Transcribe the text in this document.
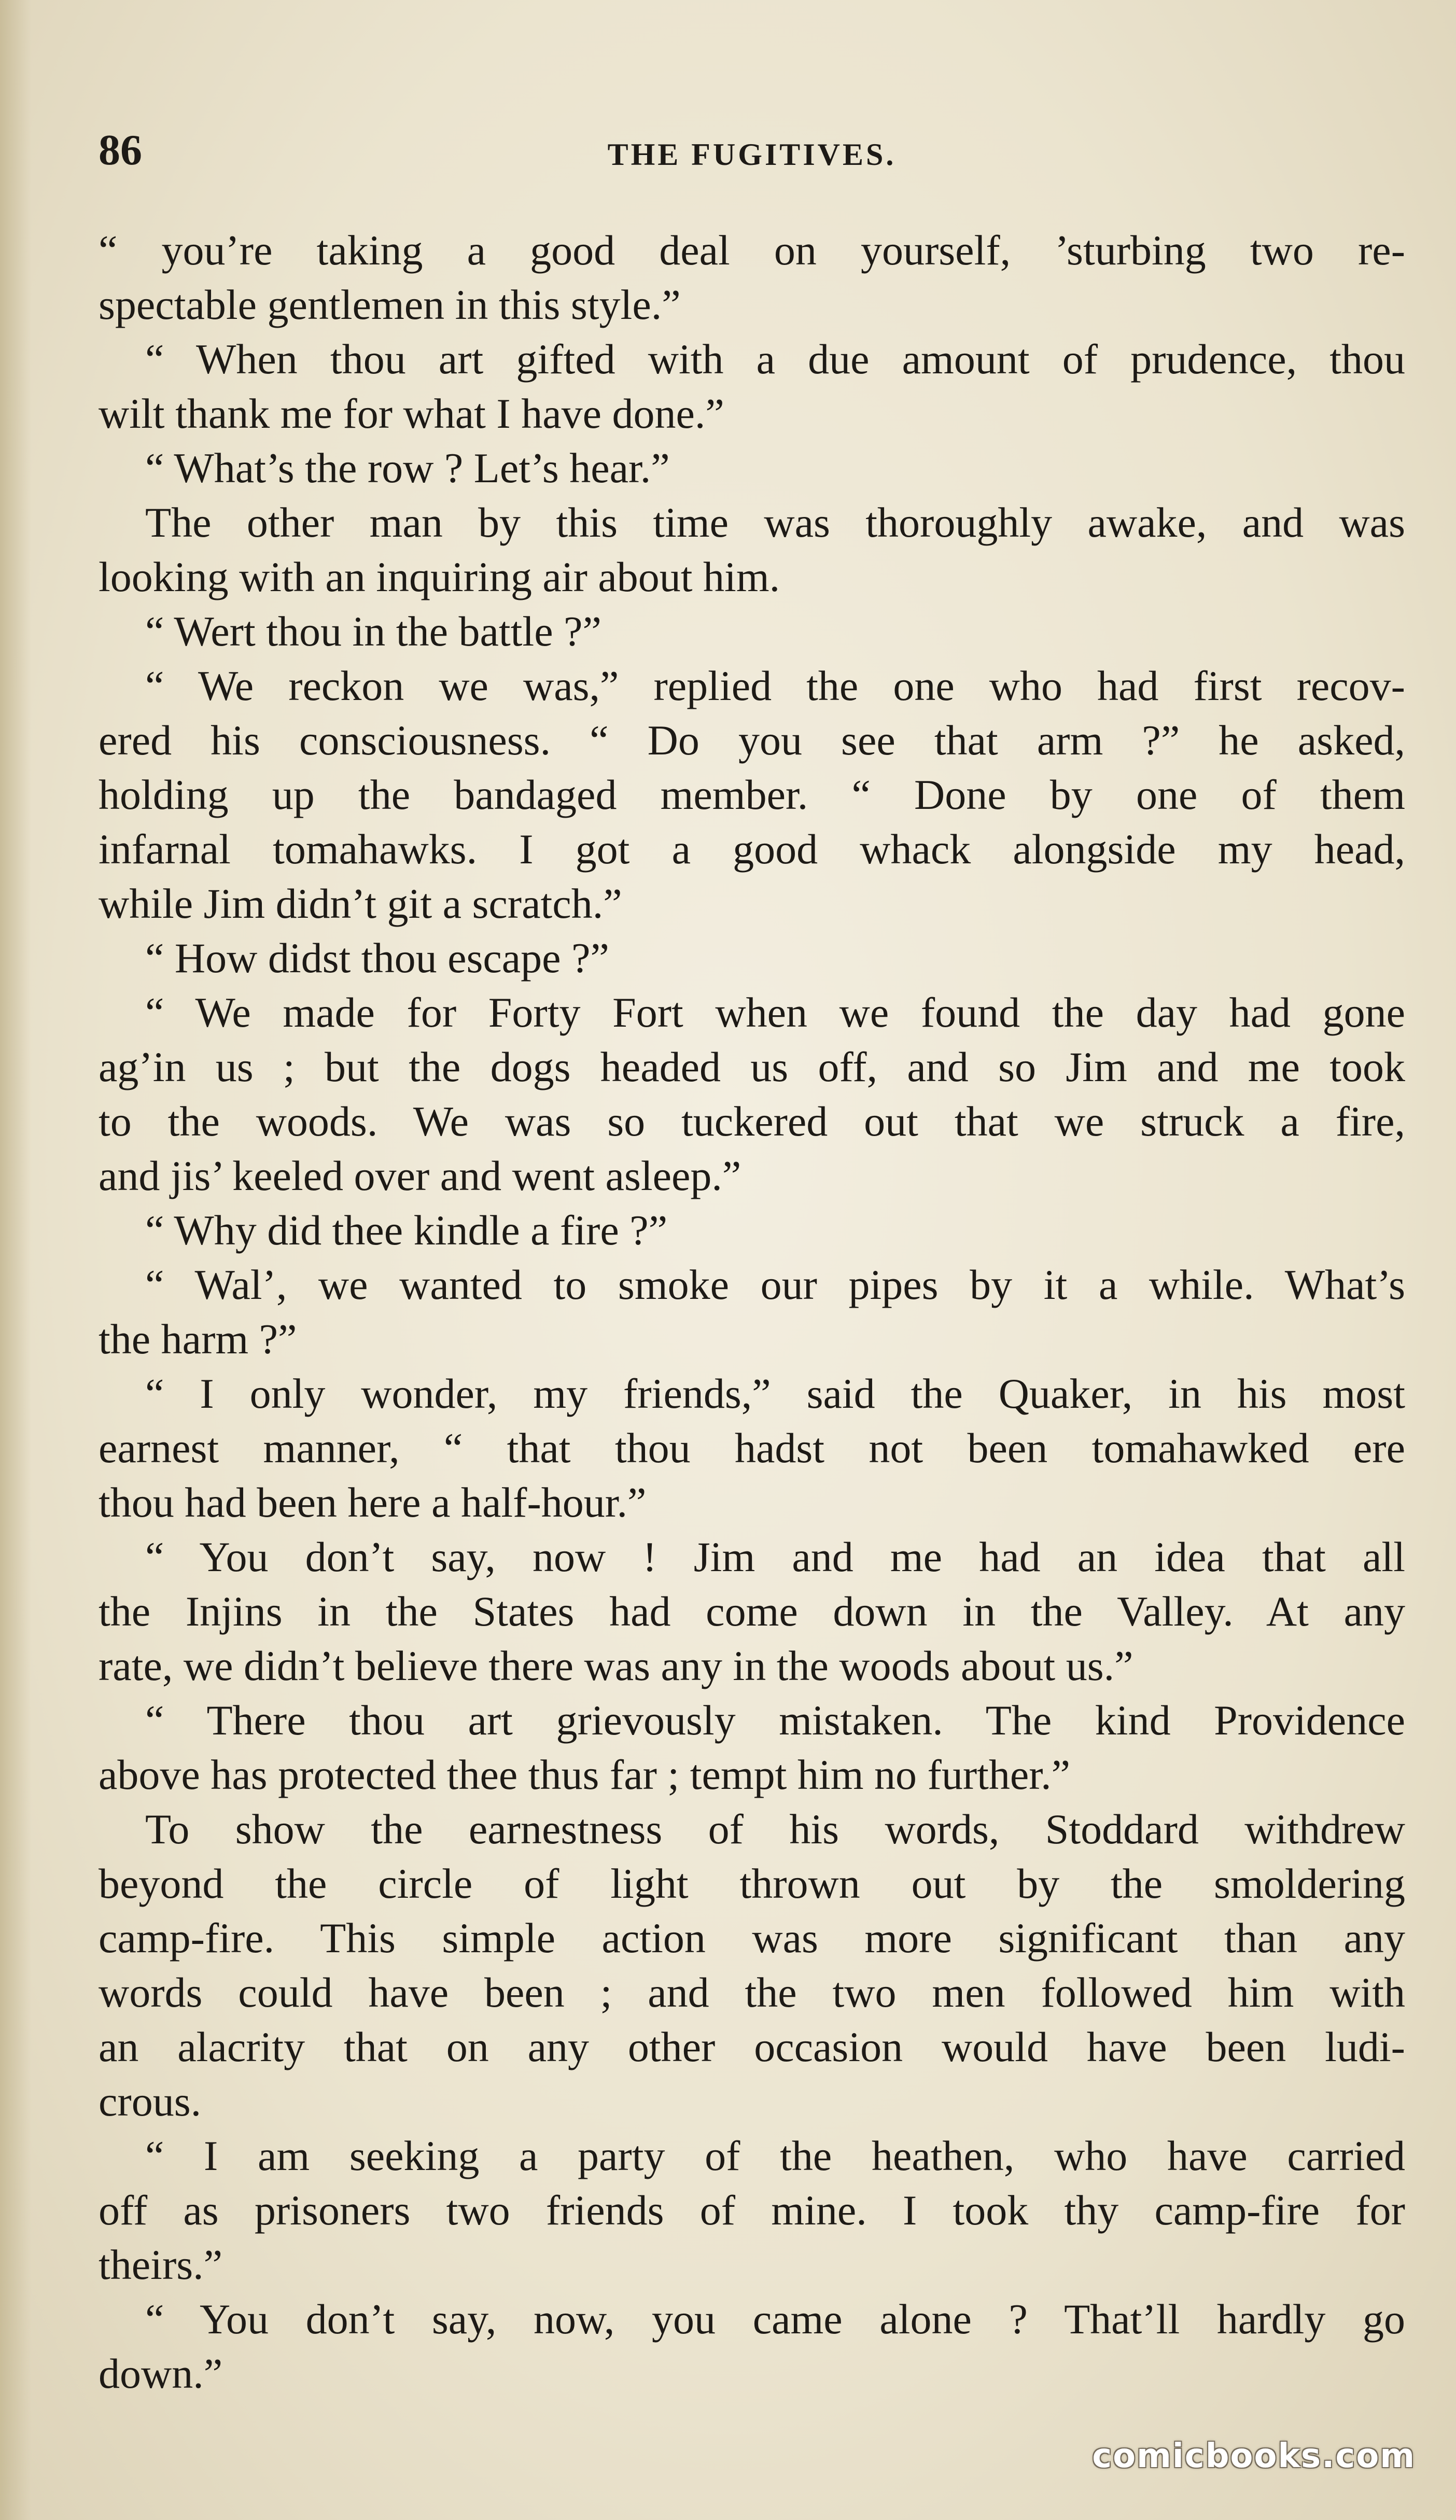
86	THE FUGITIVES.
“ you’re taking a good deal on yourself, ’sturbing two re-
spectable gentlemen in this style.”
“ When thou art gifted with a due amount of prudence, thou
wilt thank me for what I have done.”
“ What’s the row ? Let’s hear.”
The other man by this time was thoroughly awake, and was
looking with an inquiring air about him.
“ Wert thou in the battle ?”
“ We reckon we was,” replied the one who had first recov-
ered his consciousness. “ Do you see that arm ?” he asked,
holding up the bandaged member. “ Done by one of them
infarnal tomahawks. I got a good whack alongside my head,
while Jim didn’t git a scratch.”
“ How didst thou escape ?”
“ We made for Forty Fort when we found the day had gone
ag’in us ; but the dogs headed us off, and so Jim and me took
to the woods. We was so tuckered out that we struck a fire,
and jis’ keeled over and went asleep.”
“ Why did thee kindle a fire ?”
“ Wal’, we wanted to smoke our pipes by it a while. What’s
the harm ?”
“ I only wonder, my friends,” said the Quaker, in his most
earnest manner, “ that thou hadst not been tomahawked ere
thou had been here a half-hour.”
“ You don’t say, now ! Jim and me had an idea that all
the Injins in the States had come down in the Valley. At any
rate, we didn’t believe there was any in the woods about us.”
“ There thou art grievously mistaken. The kind Providence
above has protected thee thus far ; tempt him no further.”
To show the earnestness of his words, Stoddard withdrew
beyond the circle of light thrown out by the smoldering
camp-fire. This simple action was more significant than any
words could have been ; and the two men followed him with
an alacrity that on any other occasion would have been ludi-
crous.
“ I am seeking a party of the heathen, who have carried
off as prisoners two friends of mine. I took thy camp-fire for
theirs.”
“ You don’t say, now, you came alone ? That’ll hardly go
down.”
comicbooks.com
